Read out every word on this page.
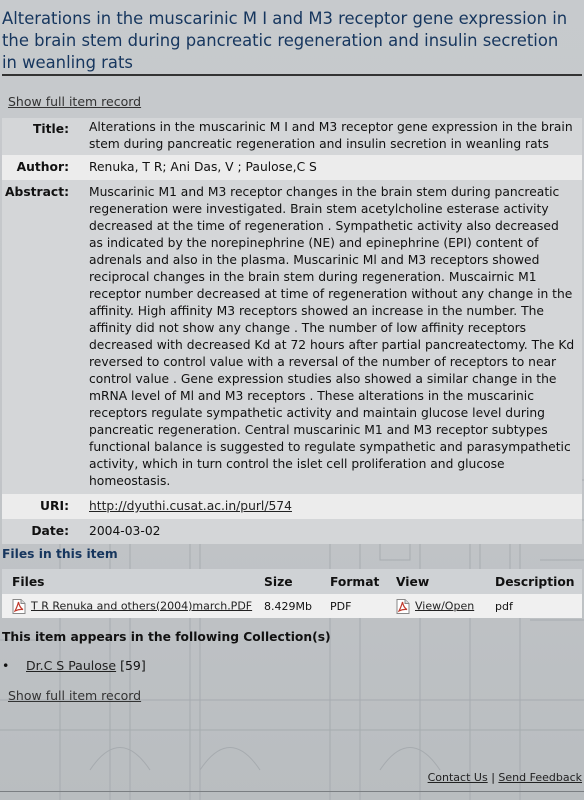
Alterations in the muscarinic M I and M3 receptor gene expression in the brain stem during pancreatic regeneration and insulin secretion in weanling rats
Show full item record
Title:	Alterations in the muscarinic M I and M3 receptor gene expression in the brain stem during pancreatic regeneration and insulin secretion in weanling rats
Author:	Renuka, T R; Ani Das, V ; Paulose,C S
Abstract:	Muscarinic M1 and M3 receptor changes in the brain stem during pancreatic regeneration were investigated. Brain stem acetylcholine esterase activity decreased at the time of regeneration . Sympathetic activity also decreased as indicated by the norepinephrine (NE) and epinephrine (EPI) content of adrenals and also in the plasma. Muscarinic Ml and M3 receptors showed reciprocal changes in the brain stem during regeneration. Muscairnic M1 receptor number decreased at time of regeneration without any change in the affinity. High affinity M3 receptors showed an increase in the number. The affinity did not show any change . The number of low affinity receptors decreased with decreased Kd at 72 hours after partial pancreatectomy. The Kd reversed to control value with a reversal of the number of receptors to near control value . Gene expression studies also showed a similar change in the mRNA level of Ml and M3 receptors . These alterations in the muscarinic receptors regulate sympathetic activity and maintain glucose level during pancreatic regeneration. Central muscarinic M1 and M3 receptor subtypes functional balance is suggested to regulate sympathetic and parasympathetic activity, which in turn control the islet cell proliferation and glucose homeostasis.
URI:	http://dyuthi.cusat.ac.in/purl/574
Date:	2004-03-02
Files in this item
Files	Size	Format	View	Description
T R Renuka and others(2004)march.PDF	8.429Mb	PDF	View/Open	pdf
This item appears in the following Collection(s)
• Dr.C S Paulose [59]
Show full item record
Contact Us | Send Feedback
